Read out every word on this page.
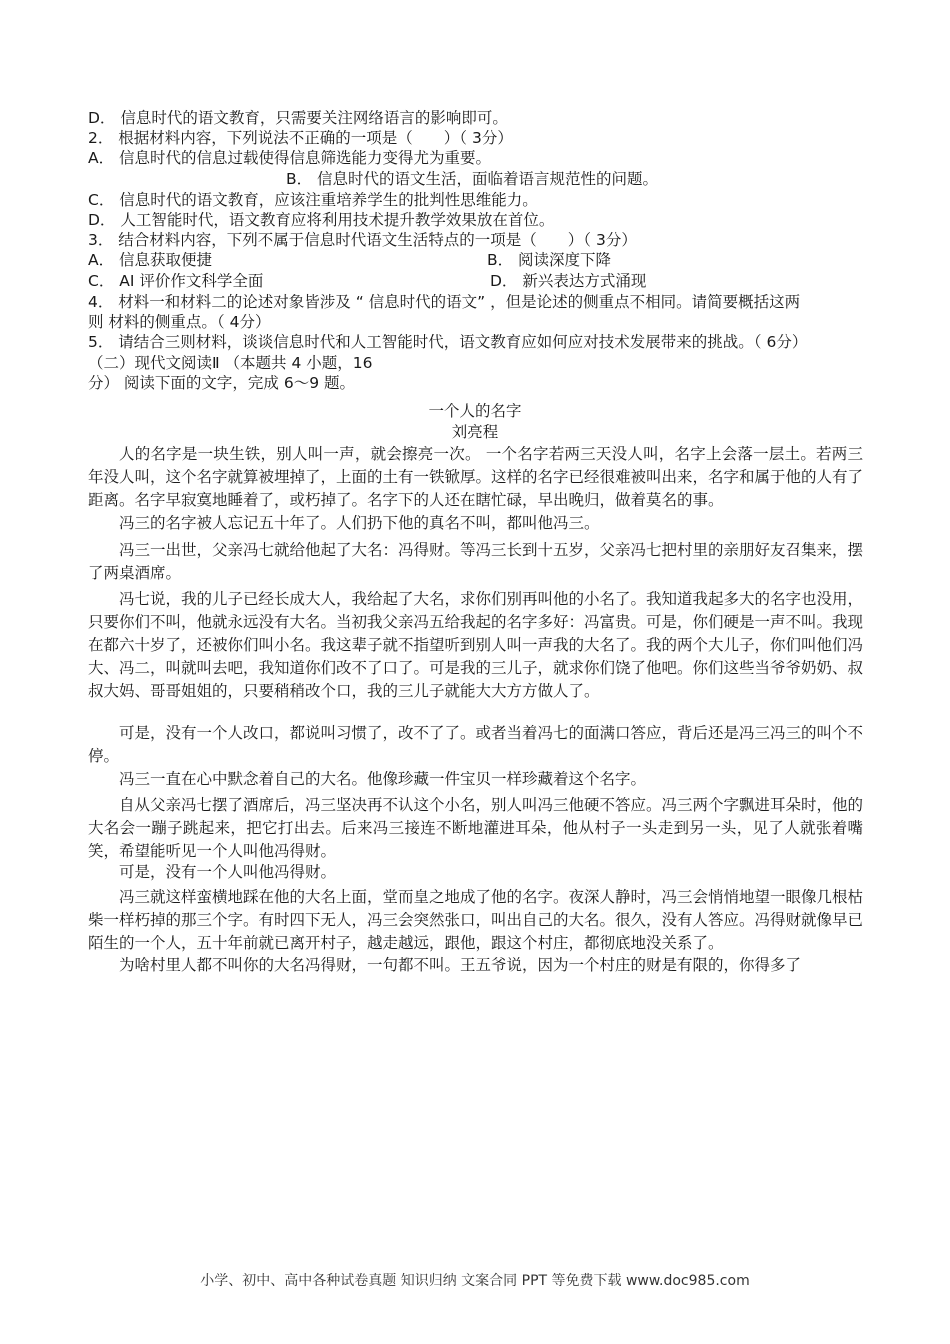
D． 信息时代的语文教育，只需要关注网络语言的影响即可。
2． 根据材料内容，下列说法不正确的一项是（　　）（ 3分）
A． 信息时代的信息过载使得信息筛选能力变得尤为重要。
B． 信息时代的语文生活，面临着语言规范性的问题。
C． 信息时代的语文教育，应该注重培养学生的批判性思维能力。
D． 人工智能时代，语文教育应将利用技术提升教学效果放在首位。
3． 结合材料内容，下列不属于信息时代语文生活特点的一项是（　　）（ 3分）
A． 信息获取便捷	B． 阅读深度下降
C． AI 评价作文科学全面	D． 新兴表达方式涌现
4． 材料一和材料二的论述对象皆涉及 “ 信息时代的语文” ，但是论述的侧重点不相同。请简要概括这两
则 材料的侧重点。（ 4分）
5． 请结合三则材料，谈谈信息时代和人工智能时代，语文教育应如何应对技术发展带来的挑战。（ 6分）
（二）现代文阅读Ⅱ （本题共 4 小题，16
分） 阅读下面的文字，完成 6～9 题。
一个人的名字
刘亮程
人的名字是一块生铁，别人叫一声，就会擦亮一次。 一个名字若两三天没人叫，名字上会落一层土。若两三年没人叫，这个名字就算被埋掉了，上面的土有一铁锨厚。这样的名字已经很难被叫出来，名字和属于他的人有了距离。名字早寂寞地睡着了，或朽掉了。名字下的人还在瞎忙碌，早出晚归，做着莫名的事。
冯三的名字被人忘记五十年了。人们扔下他的真名不叫，都叫他冯三。
冯三一出世，父亲冯七就给他起了大名：冯得财。等冯三长到十五岁，父亲冯七把村里的亲朋好友召集来，摆了两桌酒席。
冯七说，我的儿子已经长成大人，我给起了大名，求你们别再叫他的小名了。我知道我起多大的名字也没用，只要你们不叫，他就永远没有大名。当初我父亲冯五给我起的名字多好：冯富贵。可是，你们硬是一声不叫。我现在都六十岁了，还被你们叫小名。我这辈子就不指望听到别人叫一声我的大名了。我的两个大儿子，你们叫他们冯大、冯二，叫就叫去吧，我知道你们改不了口了。可是我的三儿子，就求你们饶了他吧。你们这些当爷爷奶奶、叔叔大妈、哥哥姐姐的，只要稍稍改个口，我的三儿子就能大大方方做人了。
可是，没有一个人改口，都说叫习惯了，改不了了。或者当着冯七的面满口答应，背后还是冯三冯三的叫个不停。
冯三一直在心中默念着自己的大名。他像珍藏一件宝贝一样珍藏着这个名字。
自从父亲冯七摆了酒席后，冯三坚决再不认这个小名，别人叫冯三他硬不答应。冯三两个字飘进耳朵时，他的大名会一蹦子跳起来，把它打出去。后来冯三接连不断地灌进耳朵，他从村子一头走到另一头，见了人就张着嘴笑，希望能听见一个人叫他冯得财。
可是，没有一个人叫他冯得财。
冯三就这样蛮横地踩在他的大名上面，堂而皇之地成了他的名字。夜深人静时，冯三会悄悄地望一眼像几根枯柴一样朽掉的那三个字。有时四下无人，冯三会突然张口，叫出自己的大名。很久，没有人答应。冯得财就像早已陌生的一个人，五十年前就已离开村子，越走越远，跟他，跟这个村庄，都彻底地没关系了。
为啥村里人都不叫你的大名冯得财，一句都不叫。王五爷说，因为一个村庄的财是有限的，你得多了
小学、初中、高中各种试卷真题 知识归纳 文案合同 PPT 等免费下载 www.doc985.com
